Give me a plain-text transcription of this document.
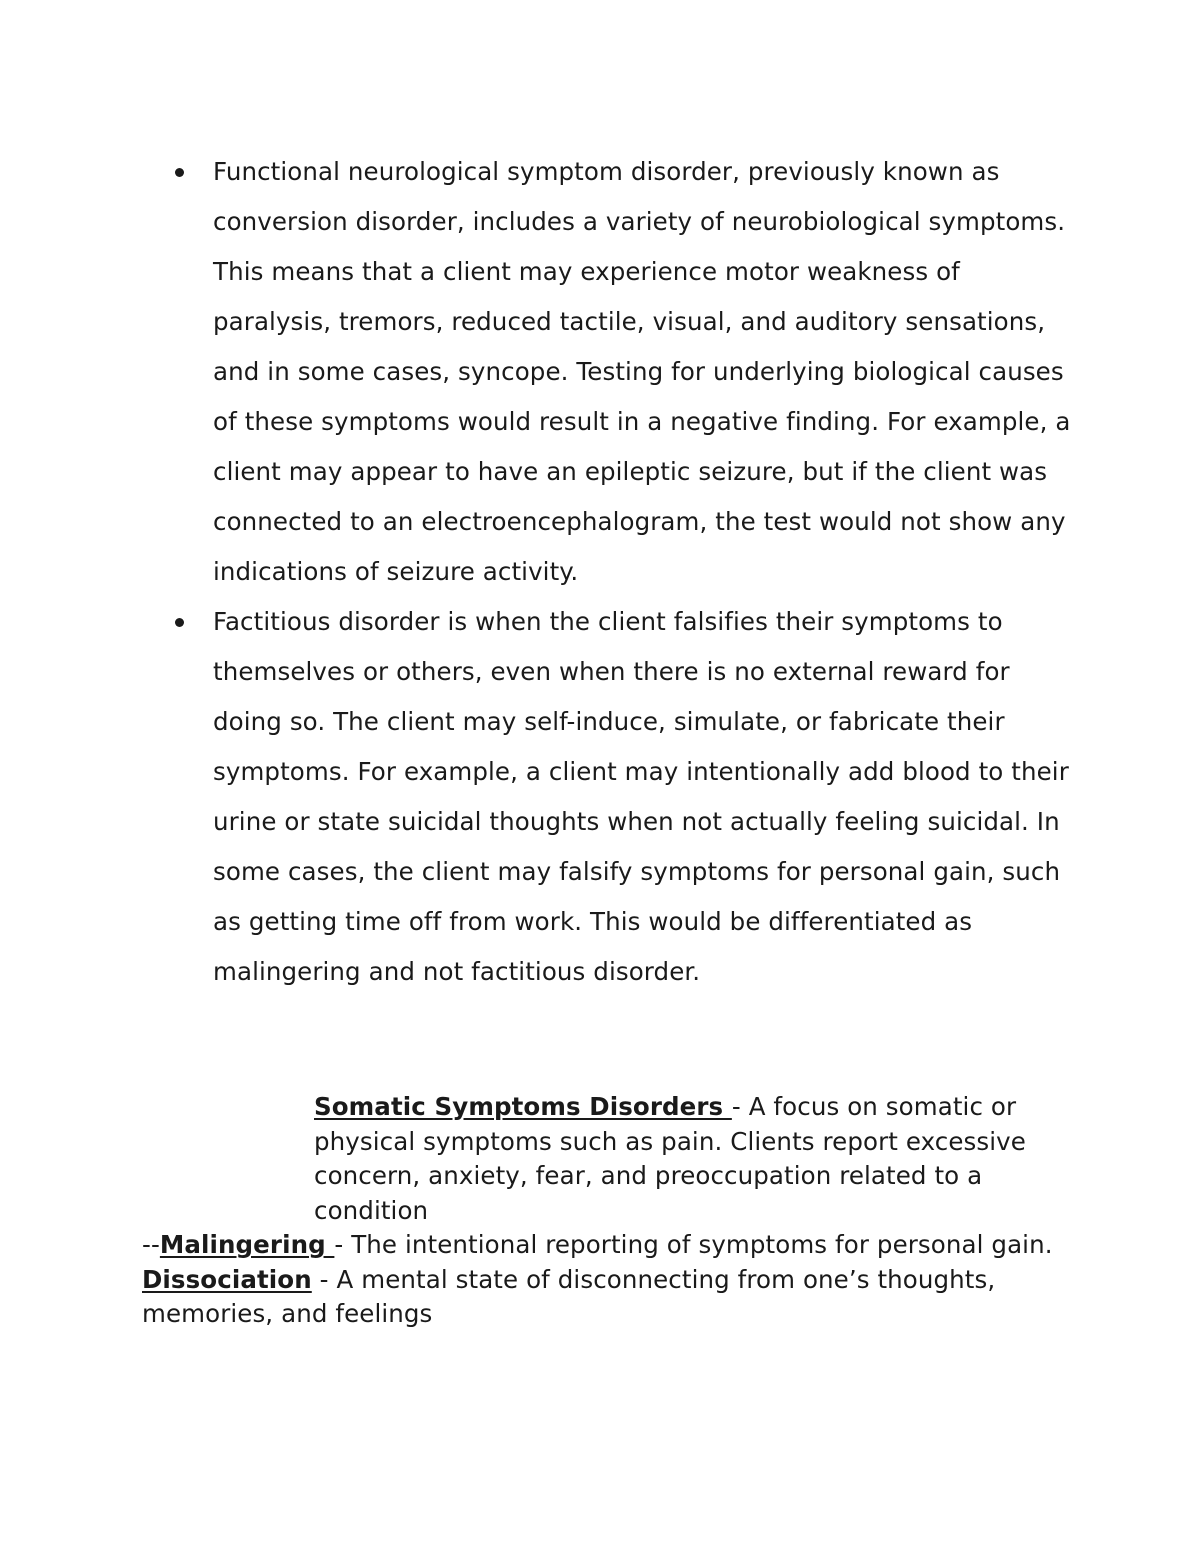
Functional neurological symptom disorder, previously known as conversion disorder, includes a variety of neurobiological symptoms. This means that a client may experience motor weakness of paralysis, tremors, reduced tactile, visual, and auditory sensations, and in some cases, syncope. Testing for underlying biological causes of these symptoms would result in a negative finding. For example, a client may appear to have an epileptic seizure, but if the client was connected to an electroencephalogram, the test would not show any indications of seizure activity.
Factitious disorder is when the client falsifies their symptoms to themselves or others, even when there is no external reward for doing so. The client may self-induce, simulate, or fabricate their symptoms. For example, a client may intentionally add blood to their urine or state suicidal thoughts when not actually feeling suicidal. In some cases, the client may falsify symptoms for personal gain, such as getting time off from work. This would be differentiated as malingering and not factitious disorder.

Somatic Symptoms Disorders - A focus on somatic or physical symptoms such as pain. Clients report excessive concern, anxiety, fear, and preoccupation related to a condition

--Malingering - The intentional reporting of symptoms for personal gain.

Dissociation - A mental state of disconnecting from one’s thoughts, memories, and feelings
